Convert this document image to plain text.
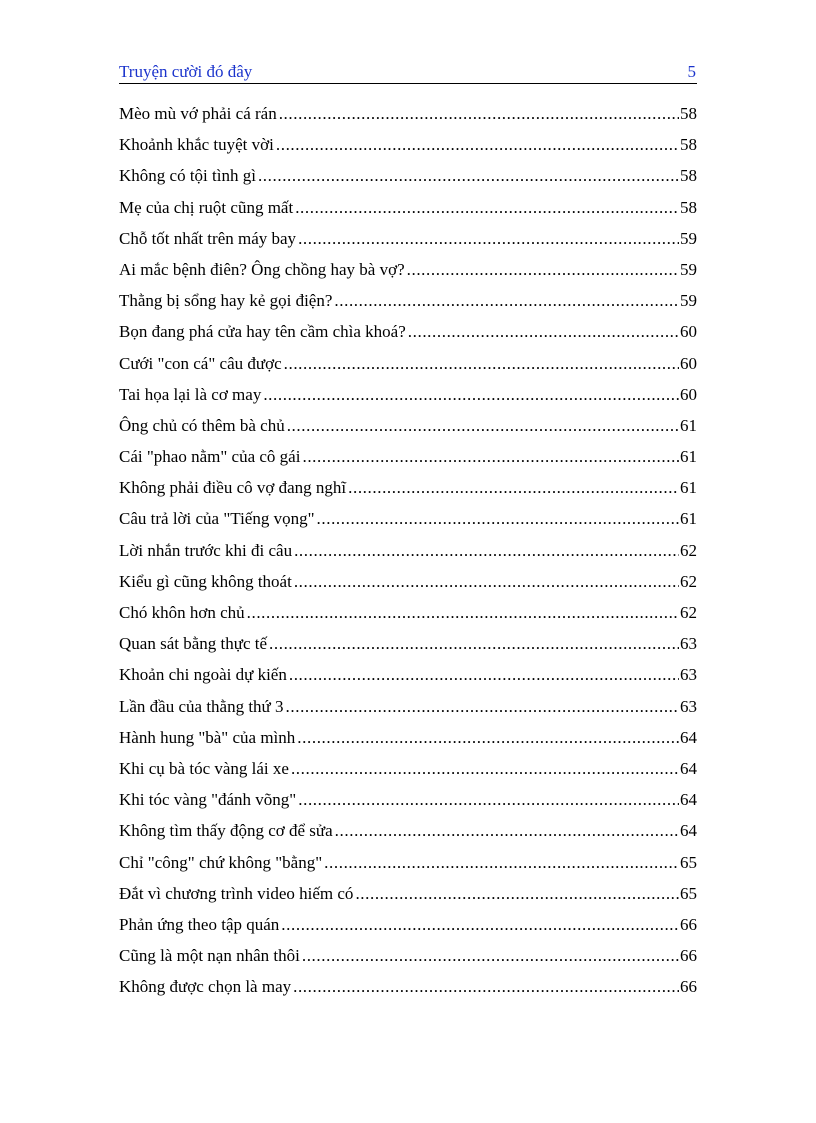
Truyện cười đó đây	5
Mèo mù vớ phải cá rán .....	58
Khoảnh khắc tuyệt vời .....	58
Không có tội tình gì .....	58
Mẹ của chị ruột cũng mất .....	58
Chỗ tốt nhất trên máy bay .....	59
Ai mắc bệnh điên? Ông chồng hay bà vợ? .....	59
Thằng bị sổng hay kẻ gọi điện? .....	59
Bọn đang phá cửa hay tên cầm chìa khoá? .....	60
Cưới "con cá" câu được .....	60
Tai họa lại là cơ may .....	60
Ông chủ có thêm bà chủ .....	61
Cái "phao nằm" của cô gái .....	61
Không phải điều cô vợ đang nghĩ .....	61
Câu trả lời của "Tiếng vọng" .....	61
Lời nhắn trước khi đi câu .....	62
Kiểu gì cũng không thoát .....	62
Chó khôn hơn chủ .....	62
Quan sát bằng thực tế .....	63
Khoản chi ngoài dự kiến .....	63
Lần đầu của thằng thứ 3 .....	63
Hành hung "bà" của mình .....	64
Khi cụ bà tóc vàng lái xe .....	64
Khi tóc vàng "đánh võng" .....	64
Không tìm thấy động cơ để sửa .....	64
Chỉ "công" chứ không "bằng" .....	65
Đắt vì chương trình video hiếm có .....	65
Phản ứng theo tập quán .....	66
Cũng là một nạn nhân thôi .....	66
Không được chọn là may .....	66
